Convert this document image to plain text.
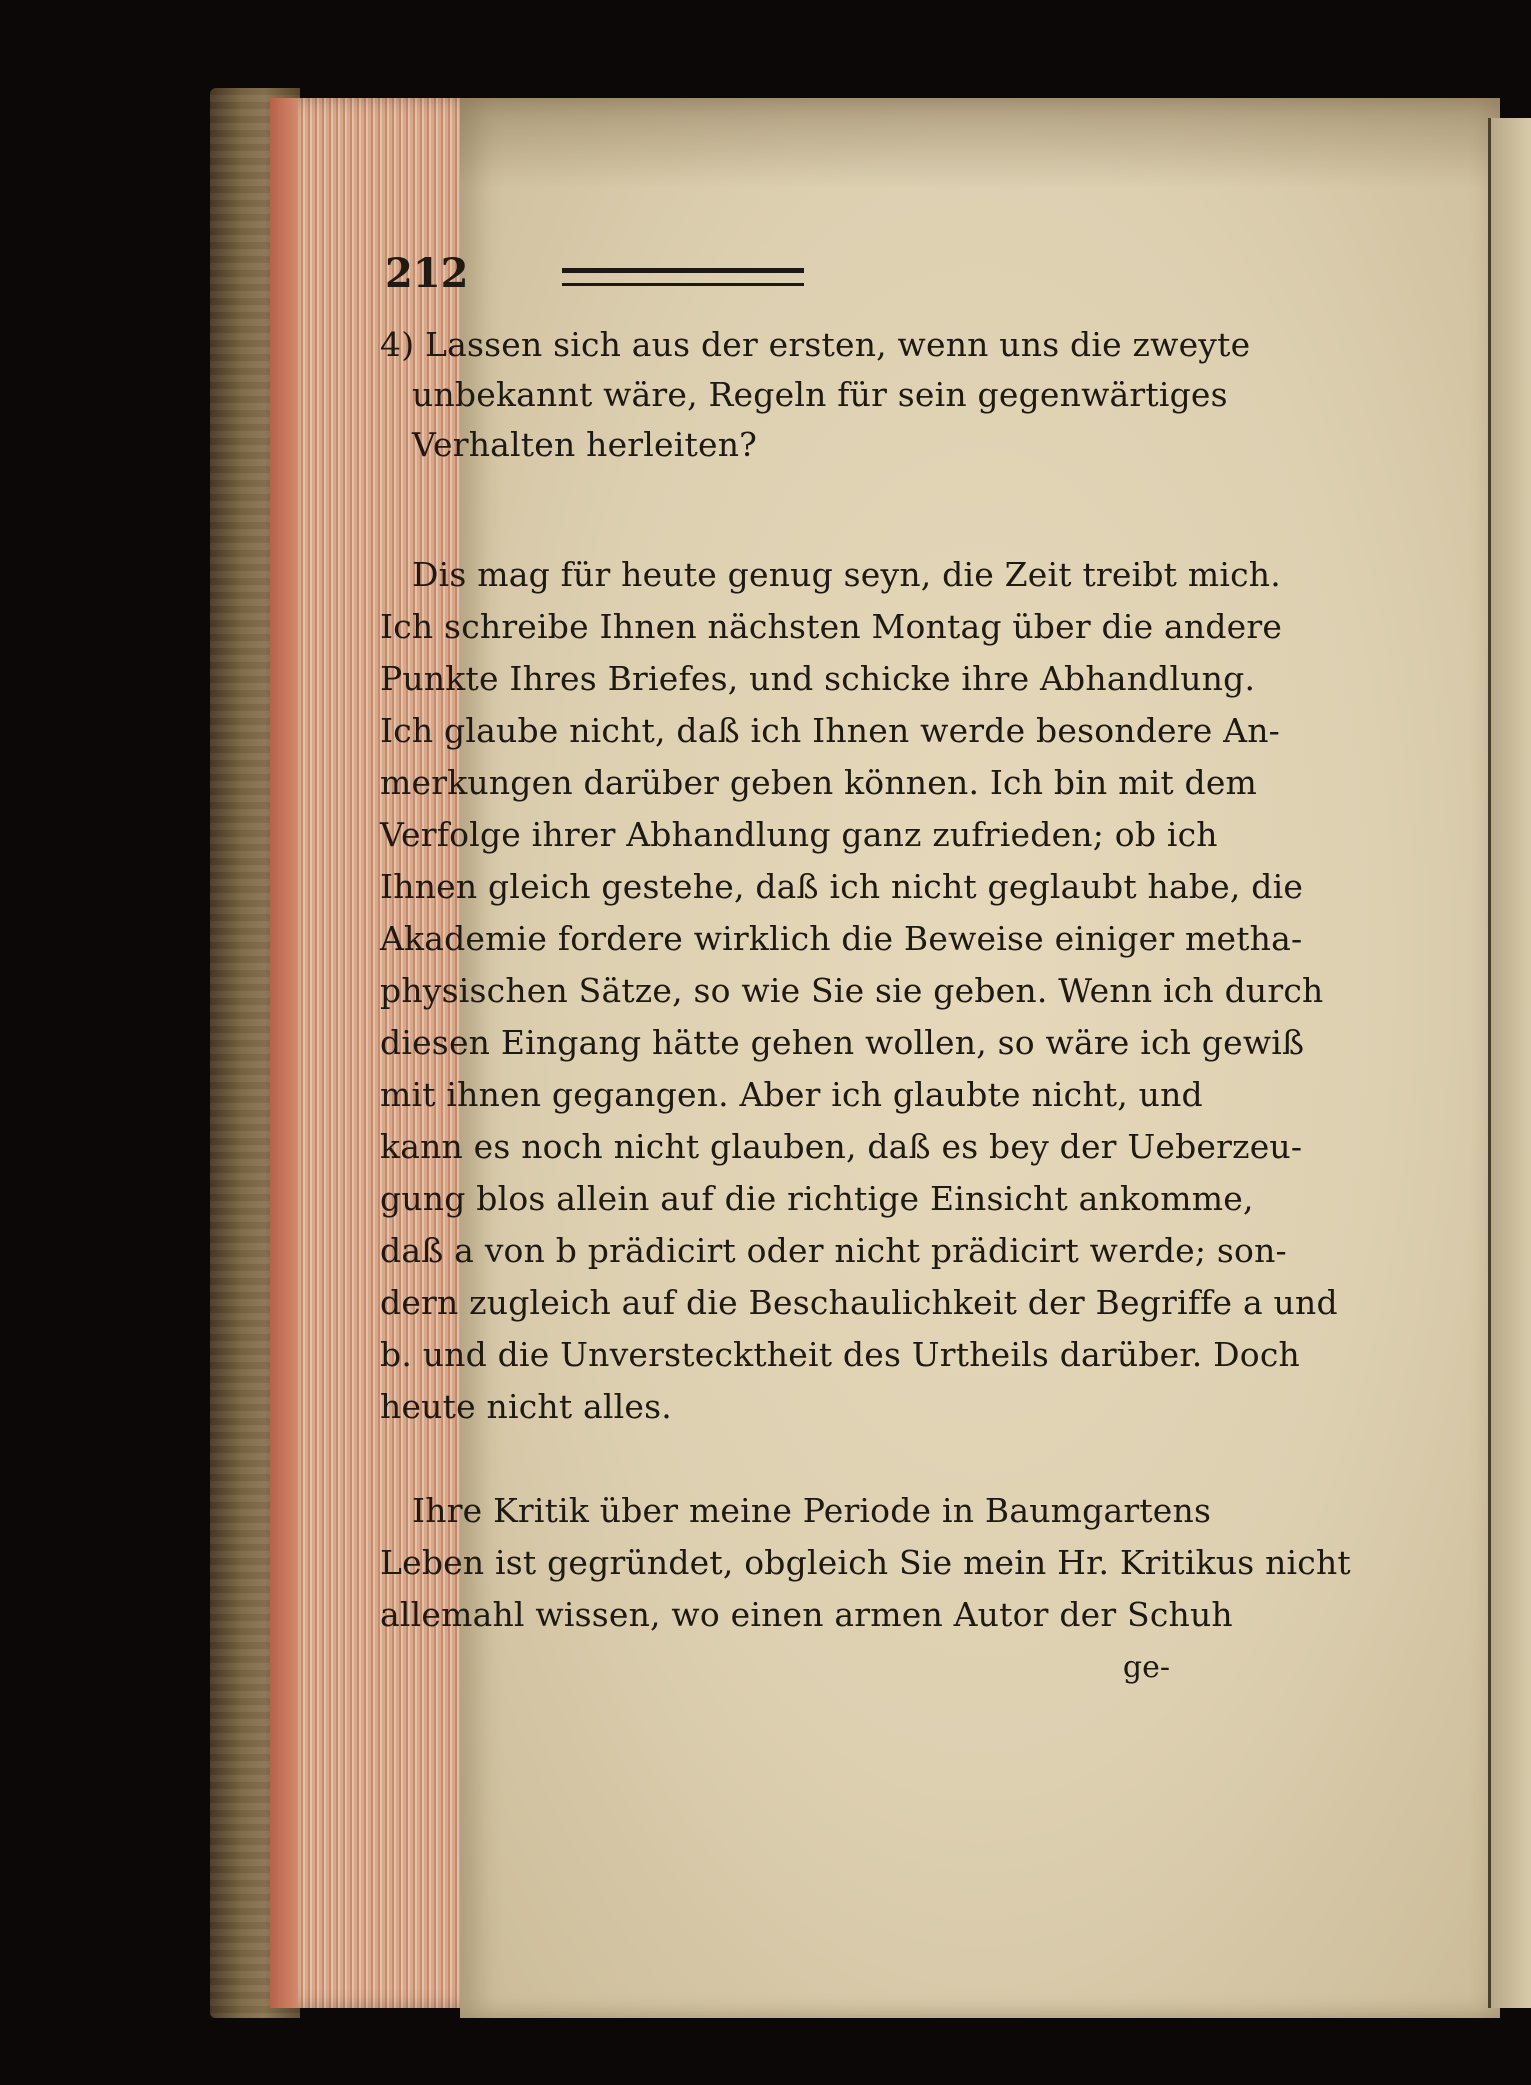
212
4) Lassen sich aus der ersten, wenn uns die zweyte
unbekannt wäre, Regeln für sein gegenwärtiges
Verhalten herleiten?
Dis mag für heute genug seyn, die Zeit treibt mich.
Ich schreibe Ihnen nächsten Montag über die andere
Punkte Ihres Briefes, und schicke ihre Abhandlung.
Ich glaube nicht, daß ich Ihnen werde besondere An-
merkungen darüber geben können. Ich bin mit dem
Verfolge ihrer Abhandlung ganz zufrieden; ob ich
Ihnen gleich gestehe, daß ich nicht geglaubt habe, die
Akademie fordere wirklich die Beweise einiger metha-
physischen Sätze, so wie Sie sie geben. Wenn ich durch
diesen Eingang hätte gehen wollen, so wäre ich gewiß
mit ihnen gegangen. Aber ich glaubte nicht, und
kann es noch nicht glauben, daß es bey der Ueberzeu-
gung blos allein auf die richtige Einsicht ankomme,
daß a von b prädicirt oder nicht prädicirt werde; son-
dern zugleich auf die Beschaulichkeit der Begriffe a und
b. und die Unverstecktheit des Urtheils darüber. Doch
heute nicht alles.
Ihre Kritik über meine Periode in Baumgartens
Leben ist gegründet, obgleich Sie mein Hr. Kritikus nicht
allemahl wissen, wo einen armen Autor der Schuh
ge-
